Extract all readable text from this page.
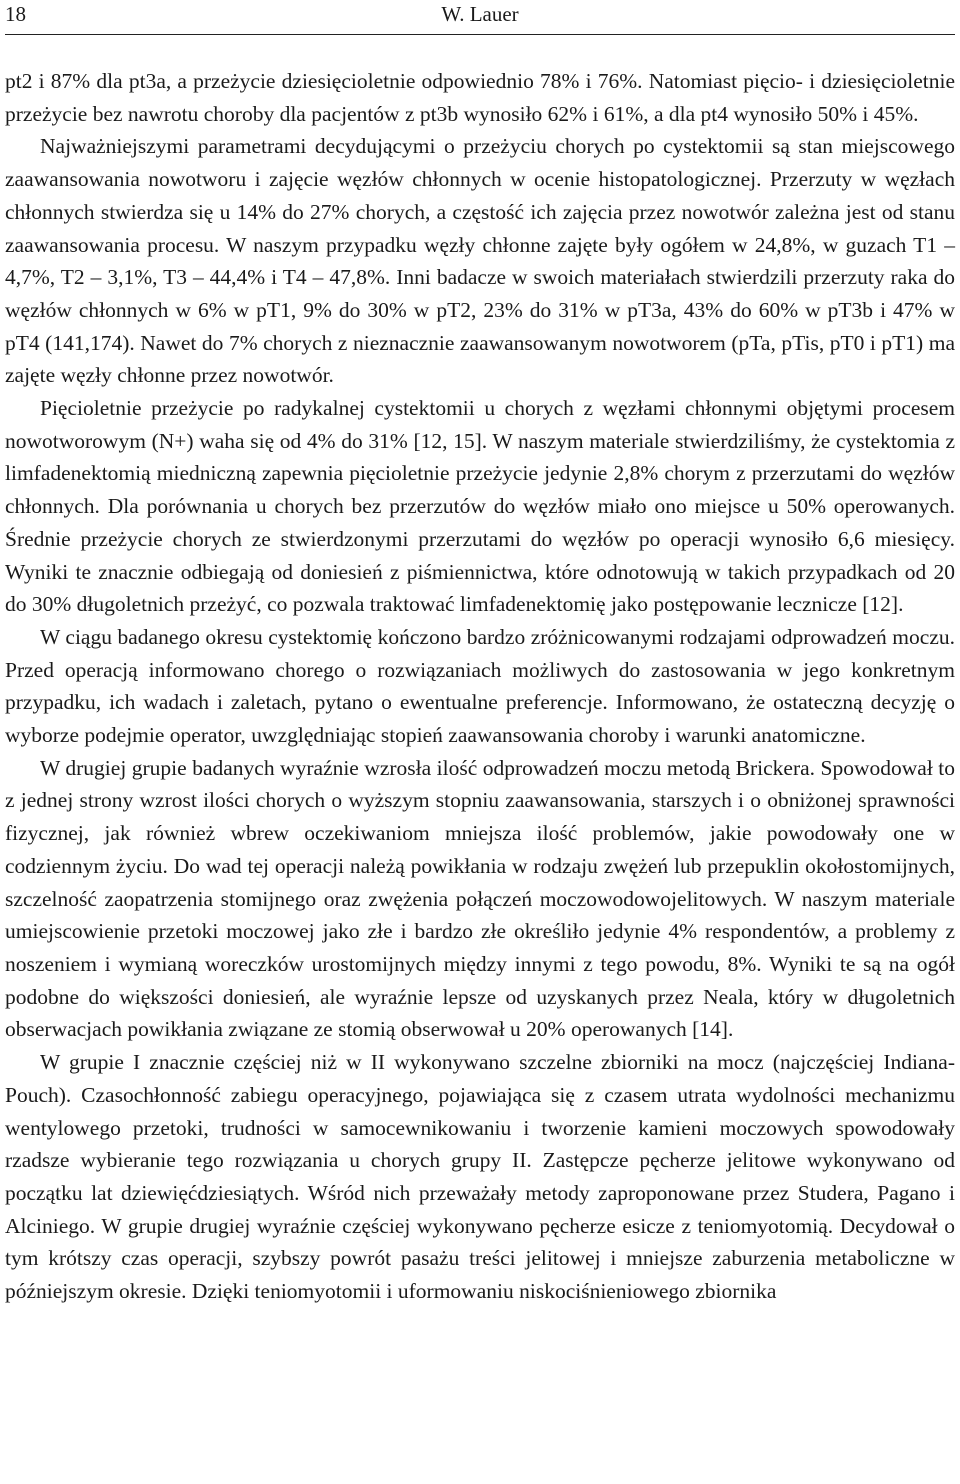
18	W. Lauer

pt2 i 87% dla pt3a, a przeżycie dziesięcioletnie odpowiednio 78% i 76%. Natomiast pięcio- i dziesięcioletnie przeżycie bez nawrotu choroby dla pacjentów z pt3b wynosiło 62% i 61%, a dla pt4 wynosiło 50% i 45%.

Najważniejszymi parametrami decydującymi o przeżyciu chorych po cystektomii są stan miejscowego zaawansowania nowotworu i zajęcie węzłów chłonnych w ocenie histopatologicznej. Przerzuty w węzłach chłonnych stwierdza się u 14% do 27% chorych, a częstość ich zajęcia przez nowotwór zależna jest od stanu zaawansowania procesu. W naszym przypadku węzły chłonne zajęte były ogółem w 24,8%, w guzach T1 – 4,7%, T2 – 3,1%, T3 – 44,4% i T4 – 47,8%. Inni badacze w swoich materiałach stwierdzili przerzuty raka do węzłów chłonnych w 6% w pT1, 9% do 30% w pT2, 23% do 31% w pT3a, 43% do 60% w pT3b i 47% w pT4 (141,174). Nawet do 7% chorych z nieznacznie zaawansowanym nowotworem (pTa, pTis, pT0 i pT1) ma zajęte węzły chłonne przez nowotwór.

Pięcioletnie przeżycie po radykalnej cystektomii u chorych z węzłami chłonnymi objętymi procesem nowotworowym (N+) waha się od 4% do 31% [12, 15]. W naszym materiale stwierdziliśmy, że cystektomia z limfadenektomią miedniczną zapewnia pięcioletnie przeżycie jedynie 2,8% chorym z przerzutami do węzłów chłonnych. Dla porównania u chorych bez przerzutów do węzłów miało ono miejsce u 50% operowanych. Średnie przeżycie chorych ze stwierdzonymi przerzutami do węzłów po operacji wynosiło 6,6 miesięcy. Wyniki te znacznie odbiegają od doniesień z piśmiennictwa, które odnotowują w takich przypadkach od 20 do 30% długoletnich przeżyć, co pozwala traktować limfadenektomię jako postępowanie lecznicze [12].

W ciągu badanego okresu cystektomię kończono bardzo zróżnicowanymi rodzajami odprowadzeń moczu. Przed operacją informowano chorego o rozwiązaniach możliwych do zastosowania w jego konkretnym przypadku, ich wadach i zaletach, pytano o ewentualne preferencje. Informowano, że ostateczną decyzję o wyborze podejmie operator, uwzględniając stopień zaawansowania choroby i warunki anatomiczne.

W drugiej grupie badanych wyraźnie wzrosła ilość odprowadzeń moczu metodą Brickera. Spowodował to z jednej strony wzrost ilości chorych o wyższym stopniu zaawansowania, starszych i o obniżonej sprawności fizycznej, jak również wbrew oczekiwaniom mniejsza ilość problemów, jakie powodowały one w codziennym życiu. Do wad tej operacji należą powikłania w rodzaju zwężeń lub przepuklin okołostomijnych, szczelność zaopatrzenia stomijnego oraz zwężenia połączeń moczowodowojelitowych. W naszym materiale umiejscowienie przetoki moczowej jako złe i bardzo złe określiło jedynie 4% respondentów, a problemy z noszeniem i wymianą woreczków urostomijnych między innymi z tego powodu, 8%. Wyniki te są na ogół podobne do większości doniesień, ale wyraźnie lepsze od uzyskanych przez Neala, który w długoletnich obserwacjach powikłania związane ze stomią obserwował u 20% operowanych [14].

W grupie I znacznie częściej niż w II wykonywano szczelne zbiorniki na mocz (najczęściej Indiana-Pouch). Czasochłonność zabiegu operacyjnego, pojawiająca się z czasem utrata wydolności mechanizmu wentylowego przetoki, trudności w samocewnikowaniu i tworzenie kamieni moczowych spowodowały rzadsze wybieranie tego rozwiązania u chorych grupy II. Zastępcze pęcherze jelitowe wykonywano od początku lat dziewięćdziesiątych. Wśród nich przeważały metody zaproponowane przez Studera, Pagano i Alciniego. W grupie drugiej wyraźnie częściej wykonywano pęcherze esicze z teniomyotomią. Decydował o tym krótszy czas operacji, szybszy powrót pasażu treści jelitowej i mniejsze zaburzenia metaboliczne w późniejszym okresie. Dzięki teniomyotomii i uformowaniu niskociśnieniowego zbiornika
